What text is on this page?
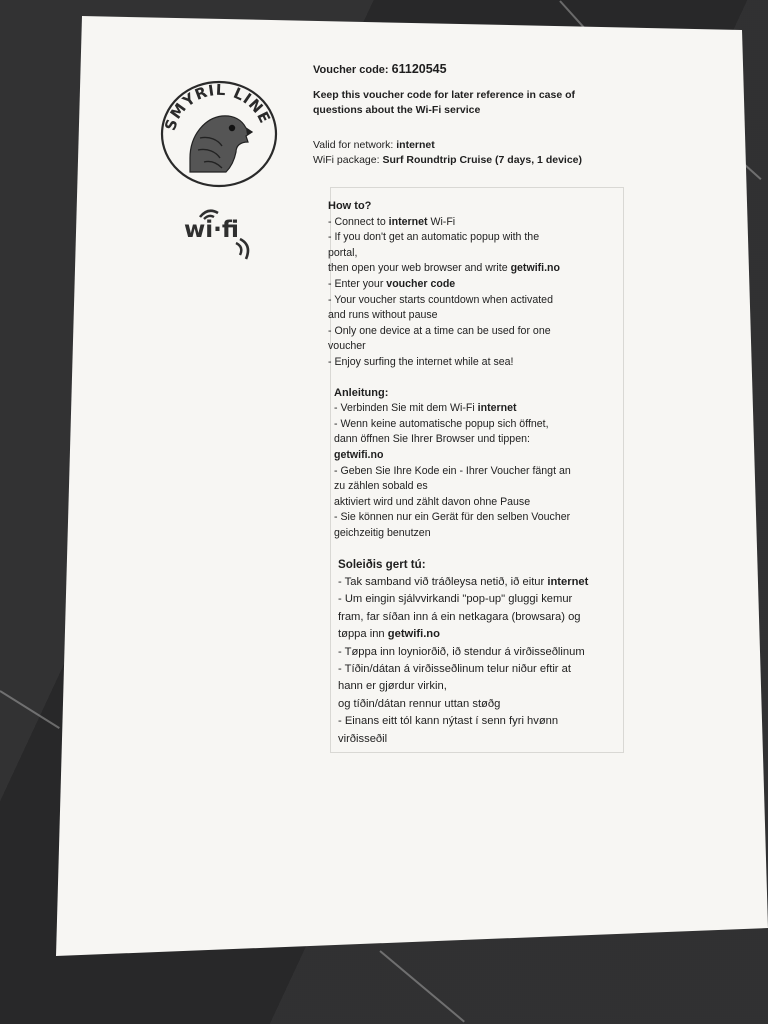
SMYRIL LINE
wi·fi
Voucher code: 61120545
Keep this voucher code for later reference in case of
questions about the Wi-Fi service
Valid for network: internet
WiFi package: Surf Roundtrip Cruise (7 days, 1 device)
How to?
- Connect to internet Wi-Fi
- If you don't get an automatic popup with the
portal,
then open your web browser and write getwifi.no
- Enter your voucher code
- Your voucher starts countdown when activated
and runs without pause
- Only one device at a time can be used for one
voucher
- Enjoy surfing the internet while at sea!
Anleitung:
- Verbinden Sie mit dem Wi-Fi internet
- Wenn keine automatische popup sich öffnet,
dann öffnen Sie Ihrer Browser und tippen:
getwifi.no
- Geben Sie Ihre Kode ein - Ihrer Voucher fängt an
zu zählen sobald es
aktiviert wird und zählt davon ohne Pause
- Sie können nur ein Gerät für den selben Voucher
geichzeitig benutzen
Soleiðis gert tú:
- Tak samband við tráðleysa netið, ið eitur internet
- Um eingin sjálvvirkandi "pop-up" gluggi kemur
fram, far síðan inn á ein netkagara (browsara) og
tøppa inn getwifi.no
- Tøppa inn loyniorðið, ið stendur á virðisseðlinum
- Tíðin/dátan á virðisseðlinum telur niður eftir at
hann er gjørdur virkin,
og tíðin/dátan rennur uttan støðg
- Einans eitt tól kann nýtast í senn fyri hvønn
virðisseðil
